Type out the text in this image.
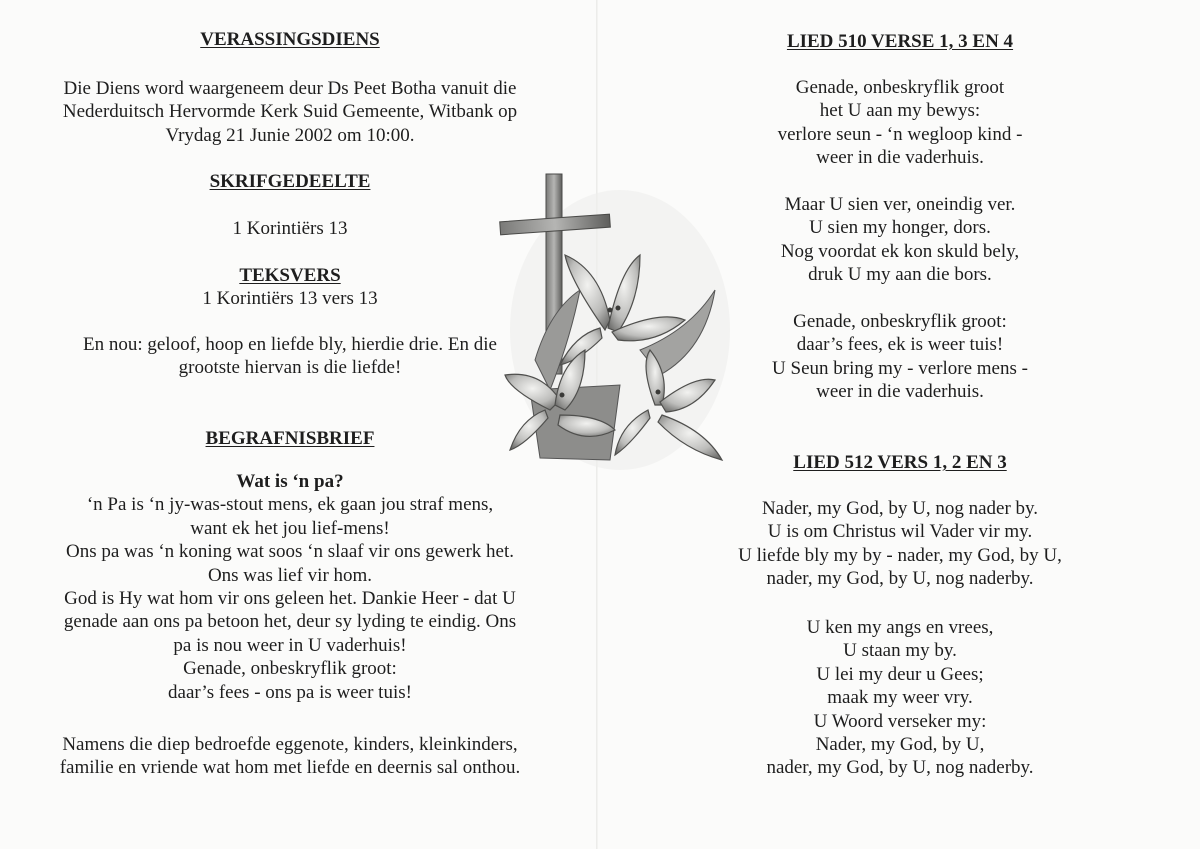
VERASSINGSDIENS

Die Diens word waargeneem deur Ds Peet Botha vanuit die

Nederduitsch Hervormde Kerk Suid Gemeente, Witbank op

Vrydag 21 Junie 2002 om 10:00.

SKRIFGEDEELTE

1 Korintiërs 13

TEKSVERS

1 Korintiërs 13 vers 13

En nou: geloof, hoop en liefde bly, hierdie drie. En die

grootste hiervan is die liefde!

BEGRAFNISBRIEF

Wat is ‘n pa?

‘n Pa is ‘n jy-was-stout mens, ek gaan jou straf mens,

want ek het jou lief-mens!

Ons pa was ‘n koning wat soos ‘n slaaf vir ons gewerk het.

Ons was lief vir hom.

God is Hy wat hom vir ons geleen het. Dankie Heer - dat U

genade aan ons pa betoon het, deur sy lyding te eindig. Ons

pa is nou weer in U vaderhuis!

Genade, onbeskryflik groot:

daar’s fees - ons pa is weer tuis!

Namens die diep bedroefde eggenote, kinders, kleinkinders,

familie en vriende wat hom met liefde en deernis sal onthou.

LIED 510 VERSE 1, 3 EN 4

Genade, onbeskryflik groot

het U aan my bewys:

verlore seun - ‘n wegloop kind -

weer in die vaderhuis.

Maar U sien ver, oneindig ver.

U sien my honger, dors.

Nog voordat ek kon skuld bely,

druk U my aan die bors.

Genade, onbeskryflik groot:

daar’s fees, ek is weer tuis!

U Seun bring my - verlore mens -

weer in die vaderhuis.

LIED 512 VERS 1, 2 EN 3

Nader, my God, by U, nog nader by.

U is om Christus wil Vader vir my.

U liefde bly my by - nader, my God, by U,

nader, my God, by U, nog naderby.

U ken my angs en vrees,

U staan my by.

U lei my deur u Gees;

maak my weer vry.

U Woord verseker my:

Nader, my God, by U,

nader, my God, by U, nog naderby.
